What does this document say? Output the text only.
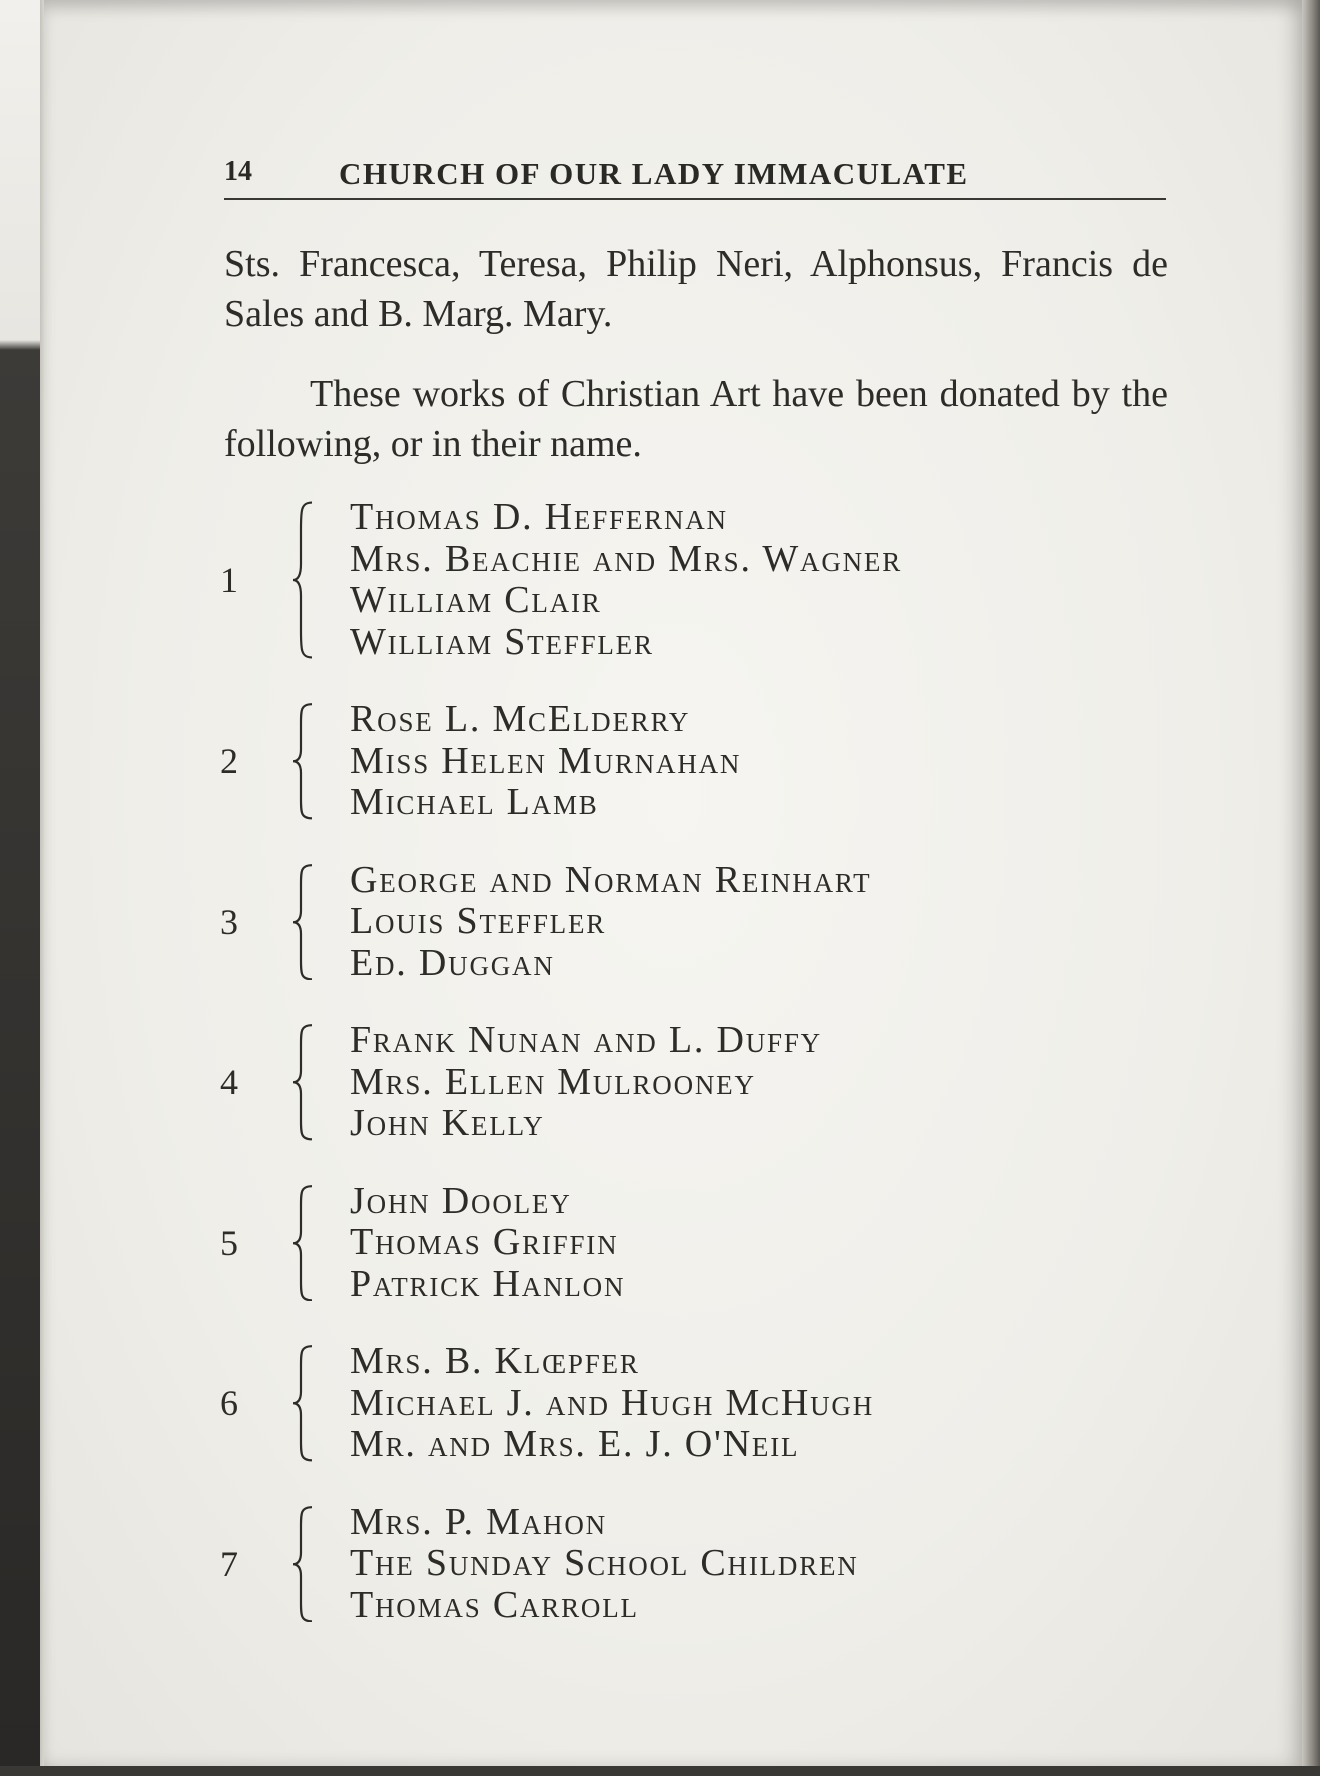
14	CHURCH OF OUR LADY IMMACULATE

Sts. Francesca, Teresa, Philip Neri, Alphonsus, Francis de Sales and B. Marg. Mary.

These works of Christian Art have been donated by the following, or in their name.

1
Thomas D. Heffernan
Mrs. Beachie and Mrs. Wagner
William Clair
William Steffler
2
Rose L. McElderry
Miss Helen Murnahan
Michael Lamb
3
George and Norman Reinhart
Louis Steffler
Ed. Duggan
4
Frank Nunan and L. Duffy
Mrs. Ellen Mulrooney
John Kelly
5
John Dooley
Thomas Griffin
Patrick Hanlon
6
Mrs. B. Klœpfer
Michael J. and Hugh McHugh
Mr. and Mrs. E. J. O'Neil
7
Mrs. P. Mahon
The Sunday School Children
Thomas Carroll
